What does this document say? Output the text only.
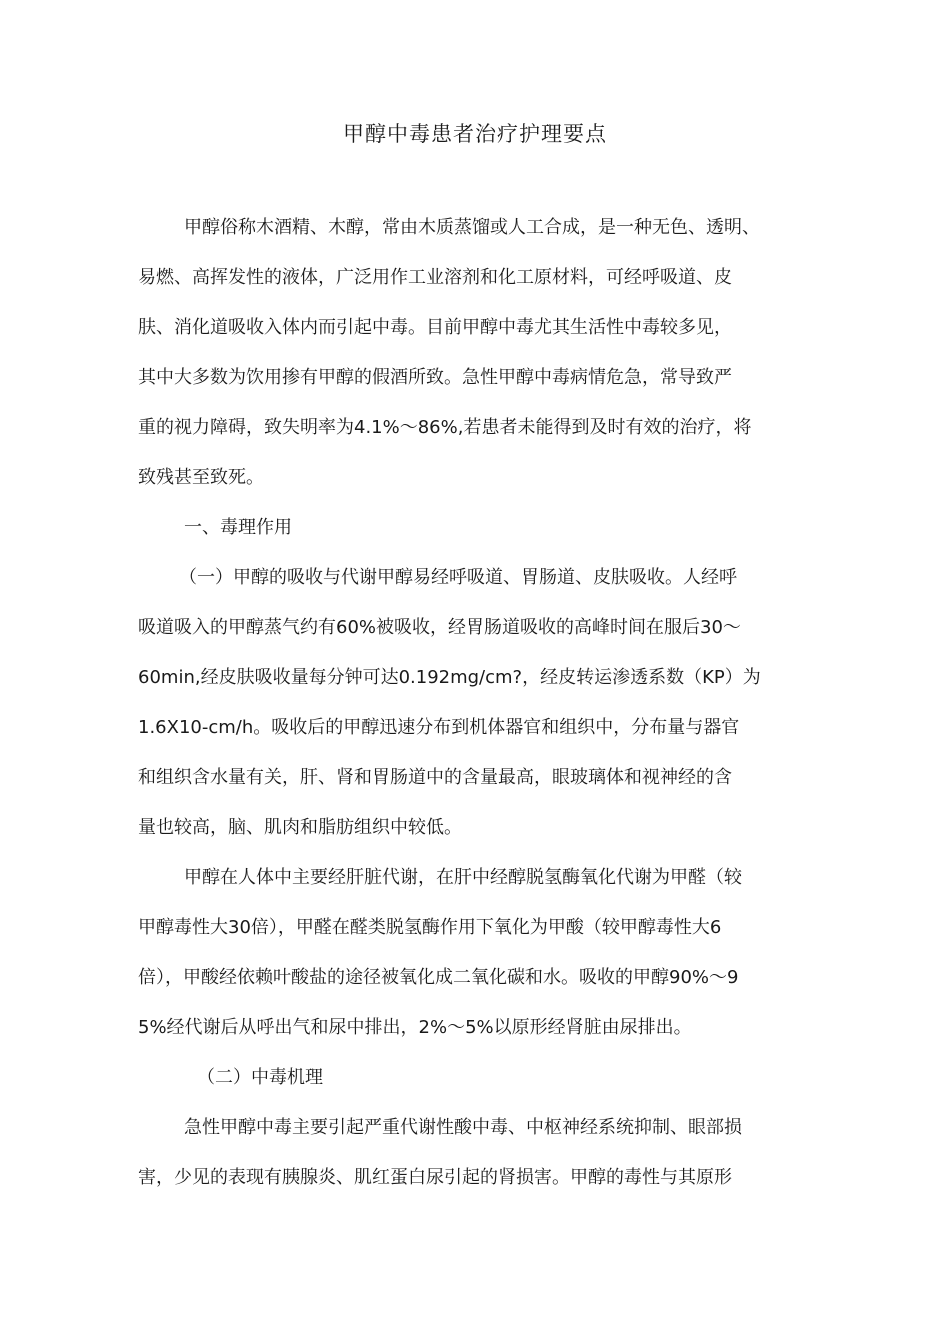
甲醇中毒患者治疗护理要点
甲醇俗称木酒精、木醇，常由木质蒸馏或人工合成，是一种无色、透明、
易燃、高挥发性的液体，广泛用作工业溶剂和化工原材料，可经呼吸道、皮
肤、消化道吸收入体内而引起中毒。目前甲醇中毒尤其生活性中毒较多见，
其中大多数为饮用掺有甲醇的假酒所致。急性甲醇中毒病情危急，常导致严
重的视力障碍，致失明率为4.1%〜86%,若患者未能得到及时有效的治疗，将
致残甚至致死。
一、毒理作用
（一）甲醇的吸收与代谢甲醇易经呼吸道、胃肠道、皮肤吸收。人经呼
吸道吸入的甲醇蒸气约有60%被吸收，经胃肠道吸收的高峰时间在服后30〜
60min,经皮肤吸收量每分钟可达0.192mg/cm?，经皮转运渗透系数（KP）为
1.6X10-cm/h。吸收后的甲醇迅速分布到机体器官和组织中，分布量与器官
和组织含水量有关，肝、肾和胃肠道中的含量最高，眼玻璃体和视神经的含
量也较高，脑、肌肉和脂肪组织中较低。
甲醇在人体中主要经肝脏代谢，在肝中经醇脱氢酶氧化代谢为甲醛（较
甲醇毒性大30倍），甲醛在醛类脱氢酶作用下氧化为甲酸（较甲醇毒性大6
倍），甲酸经依赖叶酸盐的途径被氧化成二氧化碳和水。吸收的甲醇90%〜9
5%经代谢后从呼出气和尿中排出，2%〜5%以原形经肾脏由尿排出。
（二）中毒机理
急性甲醇中毒主要引起严重代谢性酸中毒、中枢神经系统抑制、眼部损
害，少见的表现有胰腺炎、肌红蛋白尿引起的肾损害。甲醇的毒性与其原形
